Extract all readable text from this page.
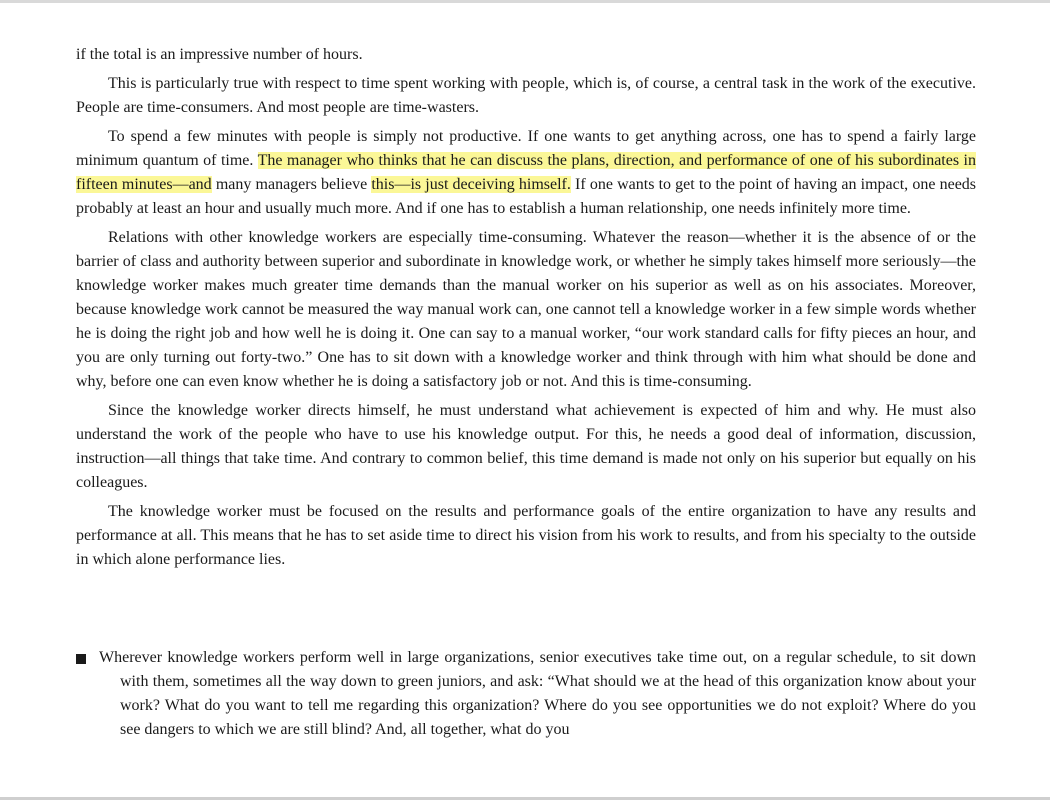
if the total is an impressive number of hours.

This is particularly true with respect to time spent working with people, which is, of course, a central task in the work of the executive. People are time-consumers. And most people are time-wasters.

To spend a few minutes with people is simply not productive. If one wants to get anything across, one has to spend a fairly large minimum quantum of time. The manager who thinks that he can discuss the plans, direction, and performance of one of his subordinates in fifteen minutes—and many managers believe this—is just deceiving himself. If one wants to get to the point of having an impact, one needs probably at least an hour and usually much more. And if one has to establish a human relationship, one needs infinitely more time.

Relations with other knowledge workers are especially time-consuming. Whatever the reason—whether it is the absence of or the barrier of class and authority between superior and subordinate in knowledge work, or whether he simply takes himself more seriously—the knowledge worker makes much greater time demands than the manual worker on his superior as well as on his associates. Moreover, because knowledge work cannot be measured the way manual work can, one cannot tell a knowledge worker in a few simple words whether he is doing the right job and how well he is doing it. One can say to a manual worker, “our work standard calls for fifty pieces an hour, and you are only turning out forty-two.” One has to sit down with a knowledge worker and think through with him what should be done and why, before one can even know whether he is doing a satisfactory job or not. And this is time-consuming.

Since the knowledge worker directs himself, he must understand what achievement is expected of him and why. He must also understand the work of the people who have to use his knowledge output. For this, he needs a good deal of information, discussion, instruction—all things that take time. And contrary to common belief, this time demand is made not only on his superior but equally on his colleagues.

The knowledge worker must be focused on the results and performance goals of the entire organization to have any results and performance at all. This means that he has to set aside time to direct his vision from his work to results, and from his specialty to the outside in which alone performance lies.

Wherever knowledge workers perform well in large organizations, senior executives take time out, on a regular schedule, to sit down with them, sometimes all the way down to green juniors, and ask: “What should we at the head of this organization know about your work? What do you want to tell me regarding this organization? Where do you see opportunities we do not exploit? Where do you see dangers to which we are still blind? And, all together, what do you
